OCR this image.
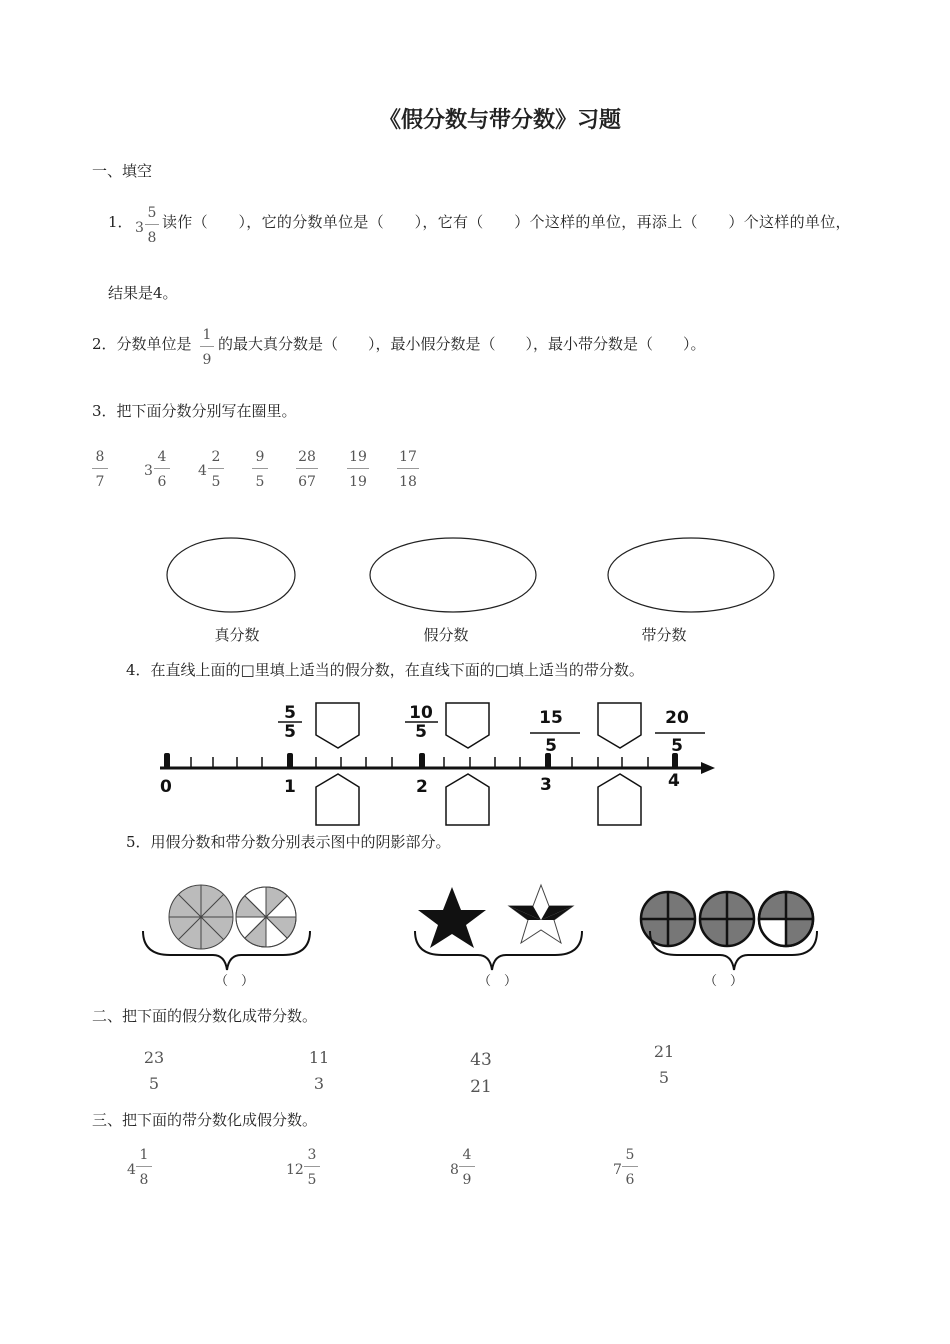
《假分数与带分数》习题
一、填空
1． 3
5
8
读作（　　），它的分数单位是（　　），它有（　　）个这样的单位，再添上（　　）个这样的单位，
结果是4。
2．分数单位是 1
9
的最大真分数是（　　），最小假分数是（　　），最小带分数是（　　）。
3．把下面分数分别写在圈里。
8
7
3
4
6
4
2
5
9
5
28
67
19
19
17
18
真分数	假分数	带分数
4．在直线上面的□里填上适当的假分数，在直线下面的□填上适当的带分数。
0	1	2	3	4
5
5
10
5
15
5
20
5
5．用假分数和带分数分别表示图中的阴影部分。
（　）	（　）	（　）
二、把下面的假分数化成带分数。
23
5
11
3
43
21
21
5
三、把下面的带分数化成假分数。
4
1
8
12
3
5
8
4
9
7
5
6
